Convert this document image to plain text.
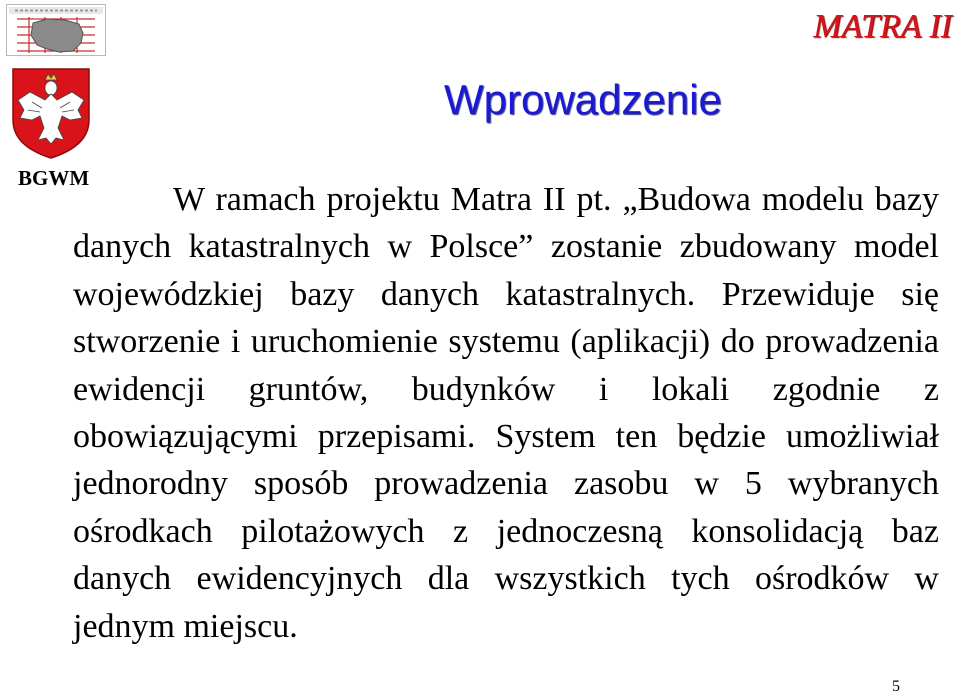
BGWM
MATRA II
Wprowadzenie

W ramach projektu Matra II pt. „Budowa modelu bazy danych katastralnych w Polsce” zostanie zbudowany model wojewódzkiej bazy danych katastralnych. Przewiduje się stworzenie i uruchomienie systemu (aplikacji) do prowadzenia ewidencji gruntów, budynków i lokali zgodnie z obowiązującymi przepisami. System ten będzie umożliwiał jednorodny sposób prowadzenia zasobu w 5 wybranych ośrodkach pilotażowych z jednoczesną konsolidacją baz danych ewidencyjnych dla wszystkich tych ośrodków w jednym miejscu.

5
